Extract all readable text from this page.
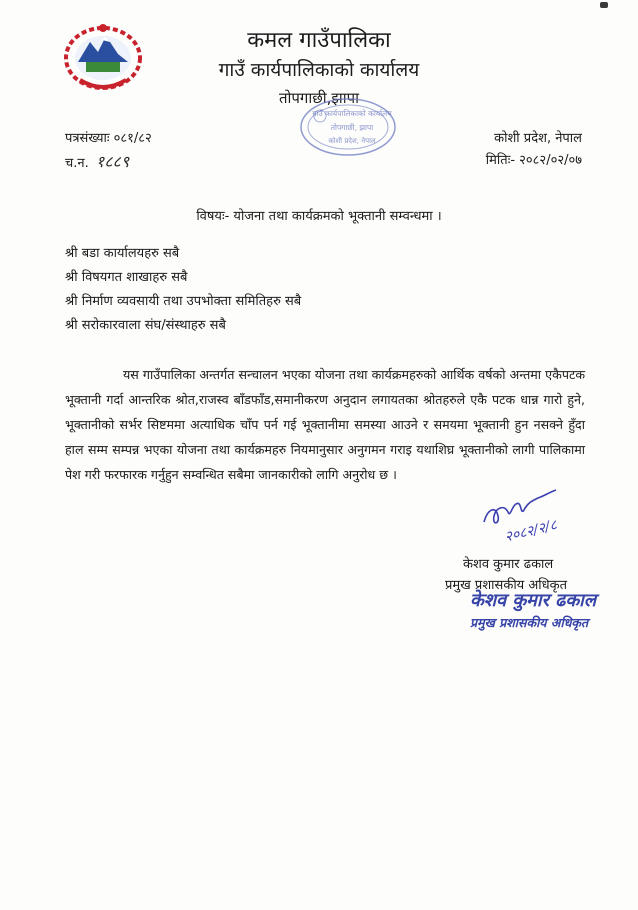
कमल गाउँपालिका
गाउँ कार्यपालिकाको कार्यालय
तोपगाछी,झापा
गाउँ कार्यपालिकाको कार्यालय
तोपगाछी, झापा
कोशी प्रदेश, नेपाल
पत्रसंख्याः ०८१/८२
च.न. १८८९
कोशी प्रदेश, नेपाल
मितिः- २०८२/०२/०७
विषयः- योजना तथा कार्यक्रमको भूक्तानी सम्वन्धमा ।
श्री बडा कार्यालयहरु सबै
श्री विषयगत शाखाहरु सबै
श्री निर्माण व्यवसायी तथा उपभोक्ता समितिहरु सबै
श्री सरोकारवाला संघ/संस्थाहरु सबै
यस गाउँपालिका अन्तर्गत सन्चालन भएका योजना तथा कार्यक्रमहरुको आर्थिक वर्षको अन्तमा एकैपटक भूक्तानी गर्दा आन्तरिक श्रोत,राजस्व बाँडफाँड,समानीकरण अनुदान लगायतका श्रोतहरुले एकै पटक धान्न गारो हुने, भूक्तानीको सर्भर सिष्टममा अत्याधिक चाँप पर्न गई भूक्तानीमा समस्या आउने र समयमा भूक्तानी हुन नसक्ने हुँदा हाल सम्म सम्पन्न भएका योजना तथा कार्यक्रमहरु नियमानुसार अनुगमन गराइ यथाशिघ्र भूक्तानीको लागी पालिकामा पेश गरी फरफारक गर्नुहुन सम्वन्धित सबैमा जानकारीको लागि अनुरोध छ ।
२०८२/२/८
केशव कुमार ढकाल
प्रमुख प्रशासकीय अधिकृत
केशव कुमार ढकाल
प्रमुख प्रशासकीय अधिकृत
